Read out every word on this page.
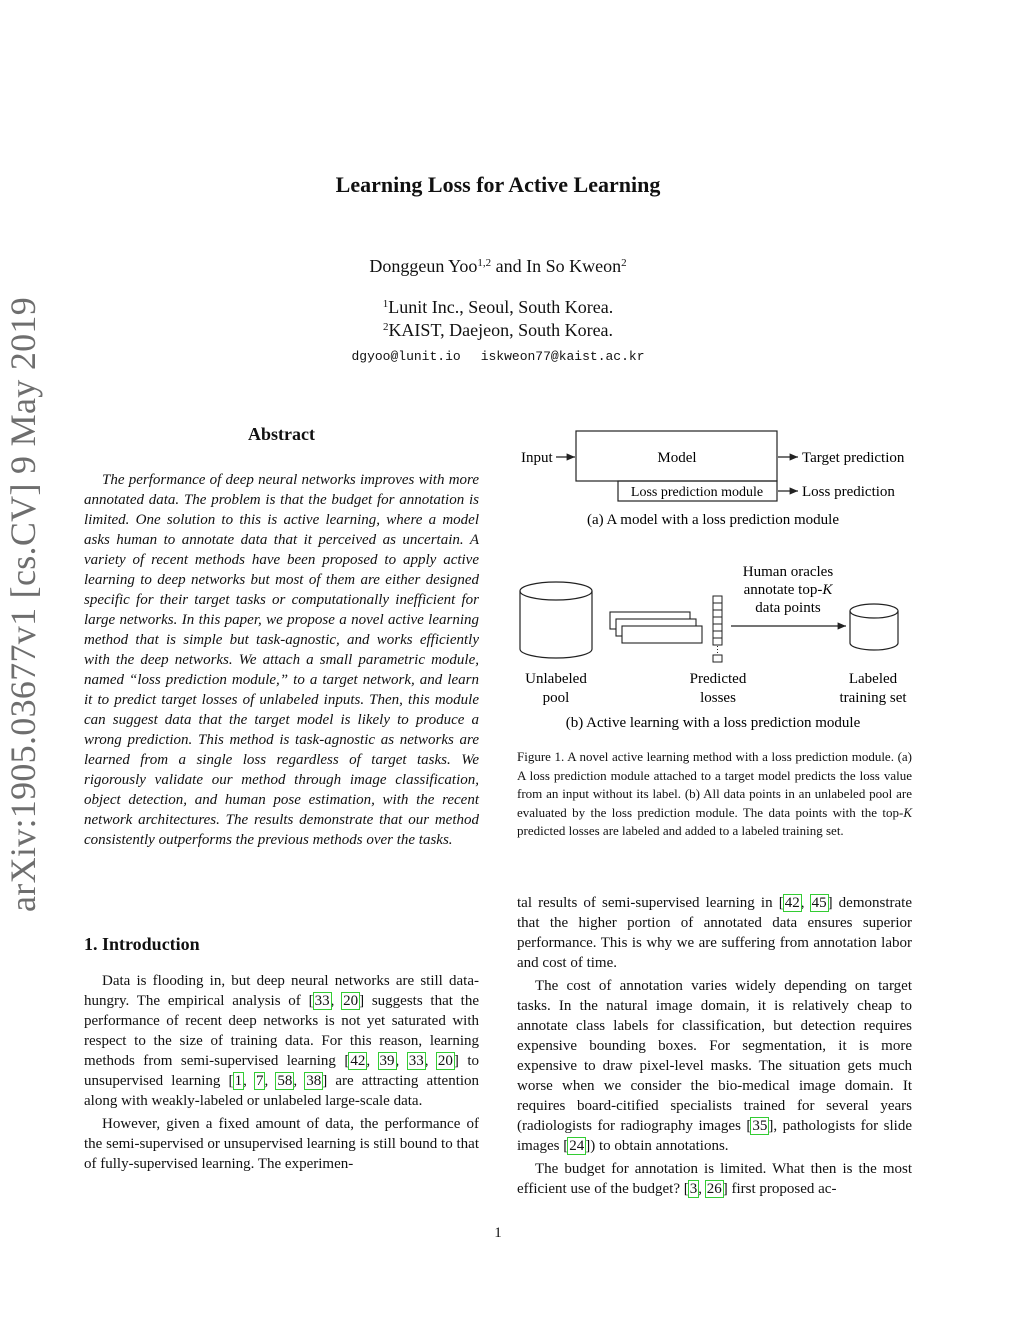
arXiv:1905.03677v1 [cs.CV] 9 May 2019
Learning Loss for Active Learning
Donggeun Yoo$^{1,2}$ and In So Kweon$^2$
$^1$Lunit Inc., Seoul, South Korea.
$^2$KAIST, Daejeon, South Korea.
dgyoo@lunit.io iskweon77@kaist.ac.kr
Abstract
The performance of deep neural networks improves with more annotated data. The problem is that the budget for annotation is limited. One solution to this is active learning, where a model asks human to annotate data that it perceived as uncertain. A variety of recent methods have been proposed to apply active learning to deep networks but most of them are either designed specific for their target tasks or computationally inefficient for large networks. In this paper, we propose a novel active learning method that is simple but task-agnostic, and works efficiently with the deep networks. We attach a small parametric module, named “loss prediction module,” to a target network, and learn it to predict target losses of unlabeled inputs. Then, this module can suggest data that the target model is likely to produce a wrong prediction. This method is task-agnostic as networks are learned from a single loss regardless of target tasks. We rigorously validate our method through image classification, object detection, and human pose estimation, with the recent network architectures. The results demonstrate that our method consistently outperforms the previous methods over the tasks.
1. Introduction

Data is flooding in, but deep neural networks are still data-hungry. The empirical analysis of [33, 20] suggests that the performance of recent deep networks is not yet saturated with respect to the size of training data. For this reason, learning methods from semi-supervised learning [42, 39, 33, 20] to unsupervised learning [1, 7, 58, 38] are attracting attention along with weakly-labeled or unlabeled large-scale data.

However, given a fixed amount of data, the performance of the semi-supervised or unsupervised learning is still bound to that of fully-supervised learning. The experimen-

Input	Model	Target prediction
Loss prediction module	Loss prediction
(a) A model with a loss prediction module
Human oracles
annotate top-K
data points
Unlabeled
pool
Predicted
losses
Labeled
training set
(b) Active learning with a loss prediction module
Figure 1. A novel active learning method with a loss prediction module. (a) A loss prediction module attached to a target model predicts the loss value from an input without its label. (b) All data points in an unlabeled pool are evaluated by the loss prediction module. The data points with the top-K predicted losses are labeled and added to a labeled training set.

tal results of semi-supervised learning in [42, 45] demonstrate that the higher portion of annotated data ensures superior performance. This is why we are suffering from annotation labor and cost of time.

The cost of annotation varies widely depending on target tasks. In the natural image domain, it is relatively cheap to annotate class labels for classification, but detection requires expensive bounding boxes. For segmentation, it is more expensive to draw pixel-level masks. The situation gets much worse when we consider the bio-medical image domain. It requires board-citified specialists trained for several years (radiologists for radiography images [35], pathologists for slide images [24]) to obtain annotations.

The budget for annotation is limited. What then is the most efficient use of the budget? [3, 26] first proposed ac-

1
